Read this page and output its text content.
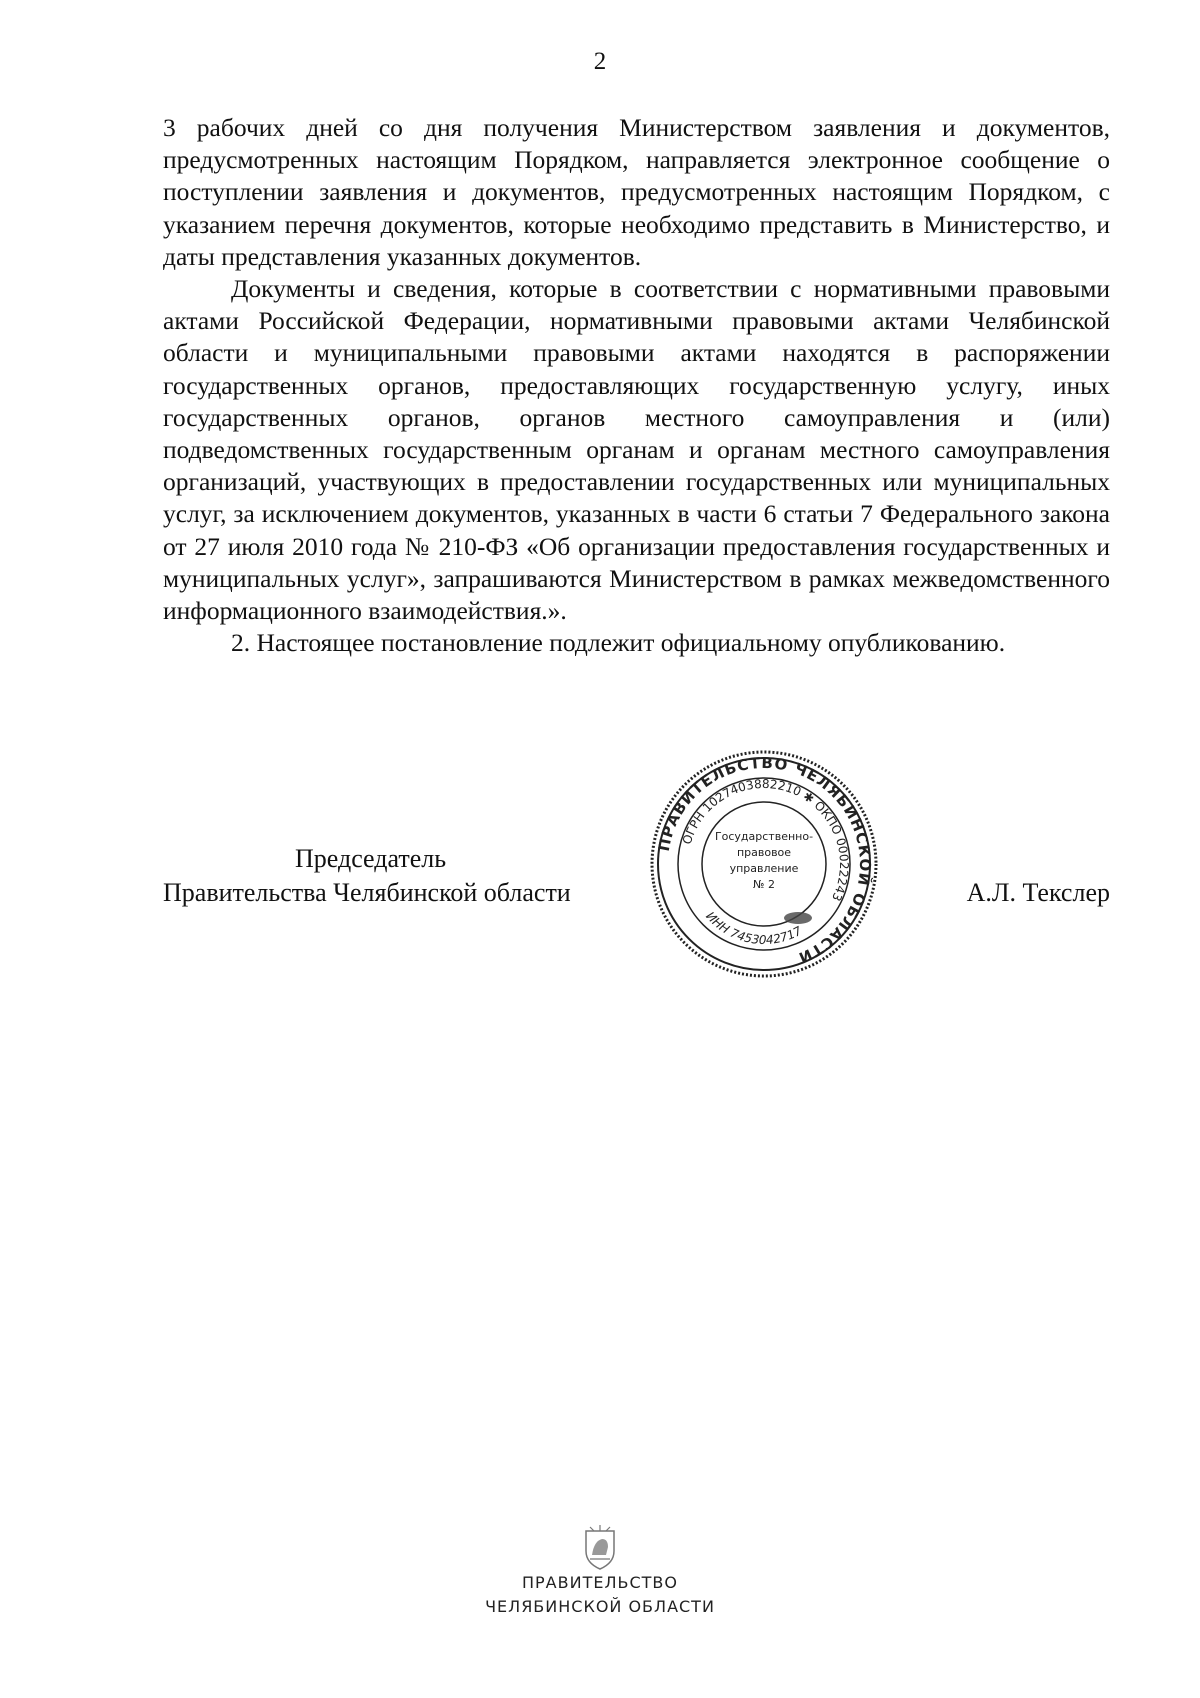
2

3 рабочих дней со дня получения Министерством заявления и документов, предусмотренных настоящим Порядком, направляется электронное сообщение о поступлении заявления и документов, предусмотренных настоящим Порядком, с указанием перечня документов, которые необходимо представить в Министерство, и даты представления указанных документов.

Документы и сведения, которые в соответствии с нормативными правовыми актами Российской Федерации, нормативными правовыми актами Челябинской области и муниципальными правовыми актами находятся в распоряжении государственных органов, предоставляющих государственную услугу, иных государственных органов, органов местного самоуправления и (или) подведомственных государственным органам и органам местного самоуправления организаций, участвующих в предоставлении государственных или муниципальных услуг, за исключением документов, указанных в части 6 статьи 7 Федерального закона от 27 июля 2010 года № 210-ФЗ «Об организации предоставления государственных и муниципальных услуг», запрашиваются Министерством в рамках межведомственного информационного взаимодействия.».

2. Настоящее постановление подлежит официальному опубликованию.

Председатель
Правительства Челябинской области	А.Л. Текслер
ПРАВИТЕЛЬСТВО ЧЕЛЯБИНСКОЙ ОБЛАСТИ
ОГРН 1027403882210 ✱ ОКПО 00022243
ИНН 7453042717
Государственно-
правовое
управление
№ 2
ПРАВИТЕЛЬСТВО
ЧЕЛЯБИНСКОЙ ОБЛАСТИ
